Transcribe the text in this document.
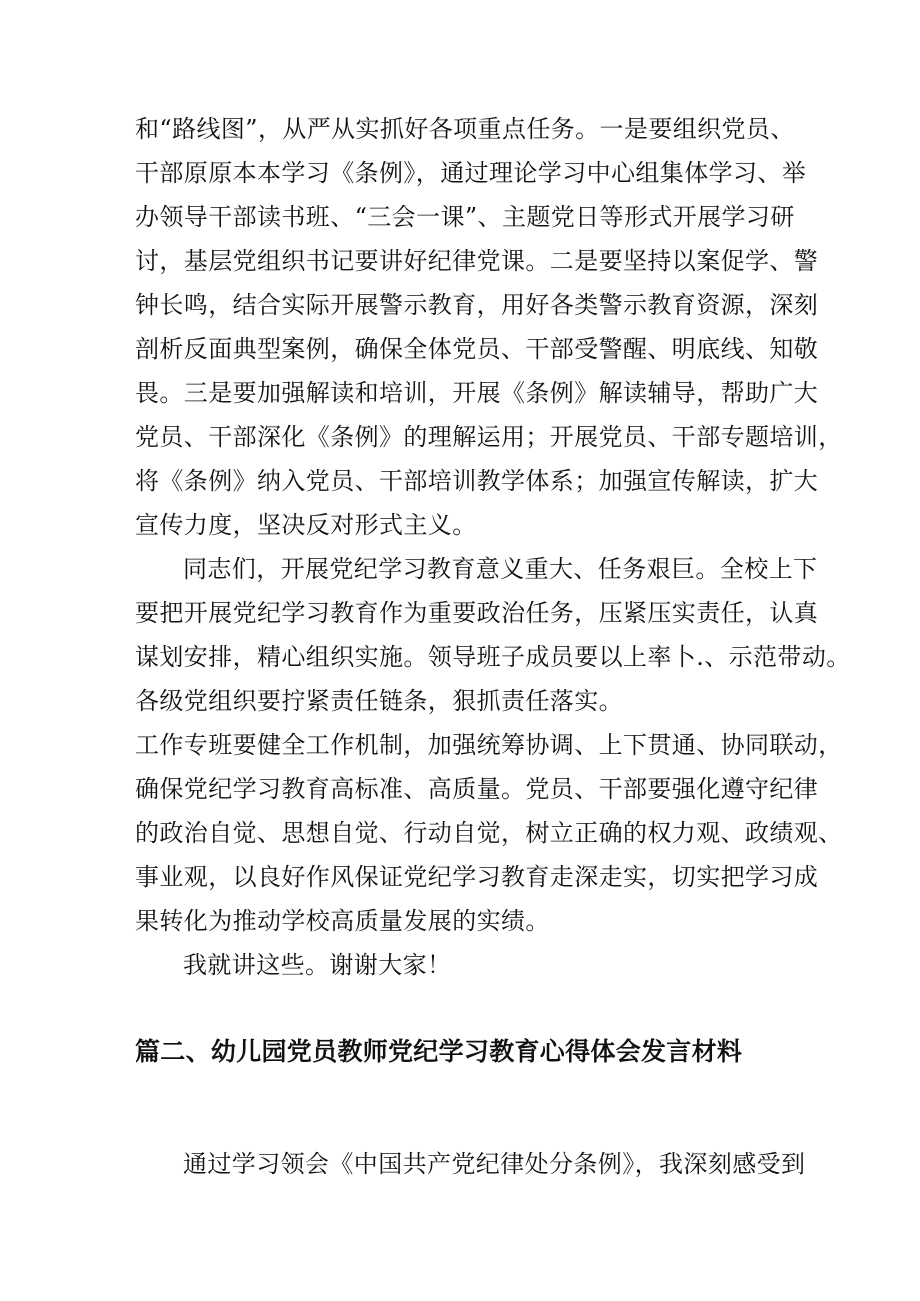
和“路线图”，从严从实抓好各项重点任务。一是要组织党员、
干部原原本本学习《条例》，通过理论学习中心组集体学习、举
办领导干部读书班、“三会一课”、主题党日等形式开展学习研
讨，基层党组织书记要讲好纪律党课。二是要坚持以案促学、警
钟长鸣，结合实际开展警示教育，用好各类警示教育资源，深刻
剖析反面典型案例，确保全体党员、干部受警醒、明底线、知敬
畏。三是要加强解读和培训，开展《条例》解读辅导，帮助广大
党员、干部深化《条例》的理解运用；开展党员、干部专题培训，
将《条例》纳入党员、干部培训教学体系；加强宣传解读，扩大
宣传力度，坚决反对形式主义。
同志们，开展党纪学习教育意义重大、任务艰巨。全校上下
要把开展党纪学习教育作为重要政治任务，压紧压实责任，认真
谋划安排，精心组织实施。领导班子成员要以上率卜.、示范带动。
各级党组织要拧紧责任链条，狠抓责任落实。
工作专班要健全工作机制，加强统筹协调、上下贯通、协同联动，
确保党纪学习教育高标准、高质量。党员、干部要强化遵守纪律
的政治自觉、思想自觉、行动自觉，树立正确的权力观、政绩观、
事业观，以良好作风保证党纪学习教育走深走实，切实把学习成
果转化为推动学校高质量发展的实绩。
我就讲这些。谢谢大家！
篇二、幼儿园党员教师党纪学习教育心得体会发言材料
通过学习领会《中国共产党纪律处分条例》，我深刻感受到
